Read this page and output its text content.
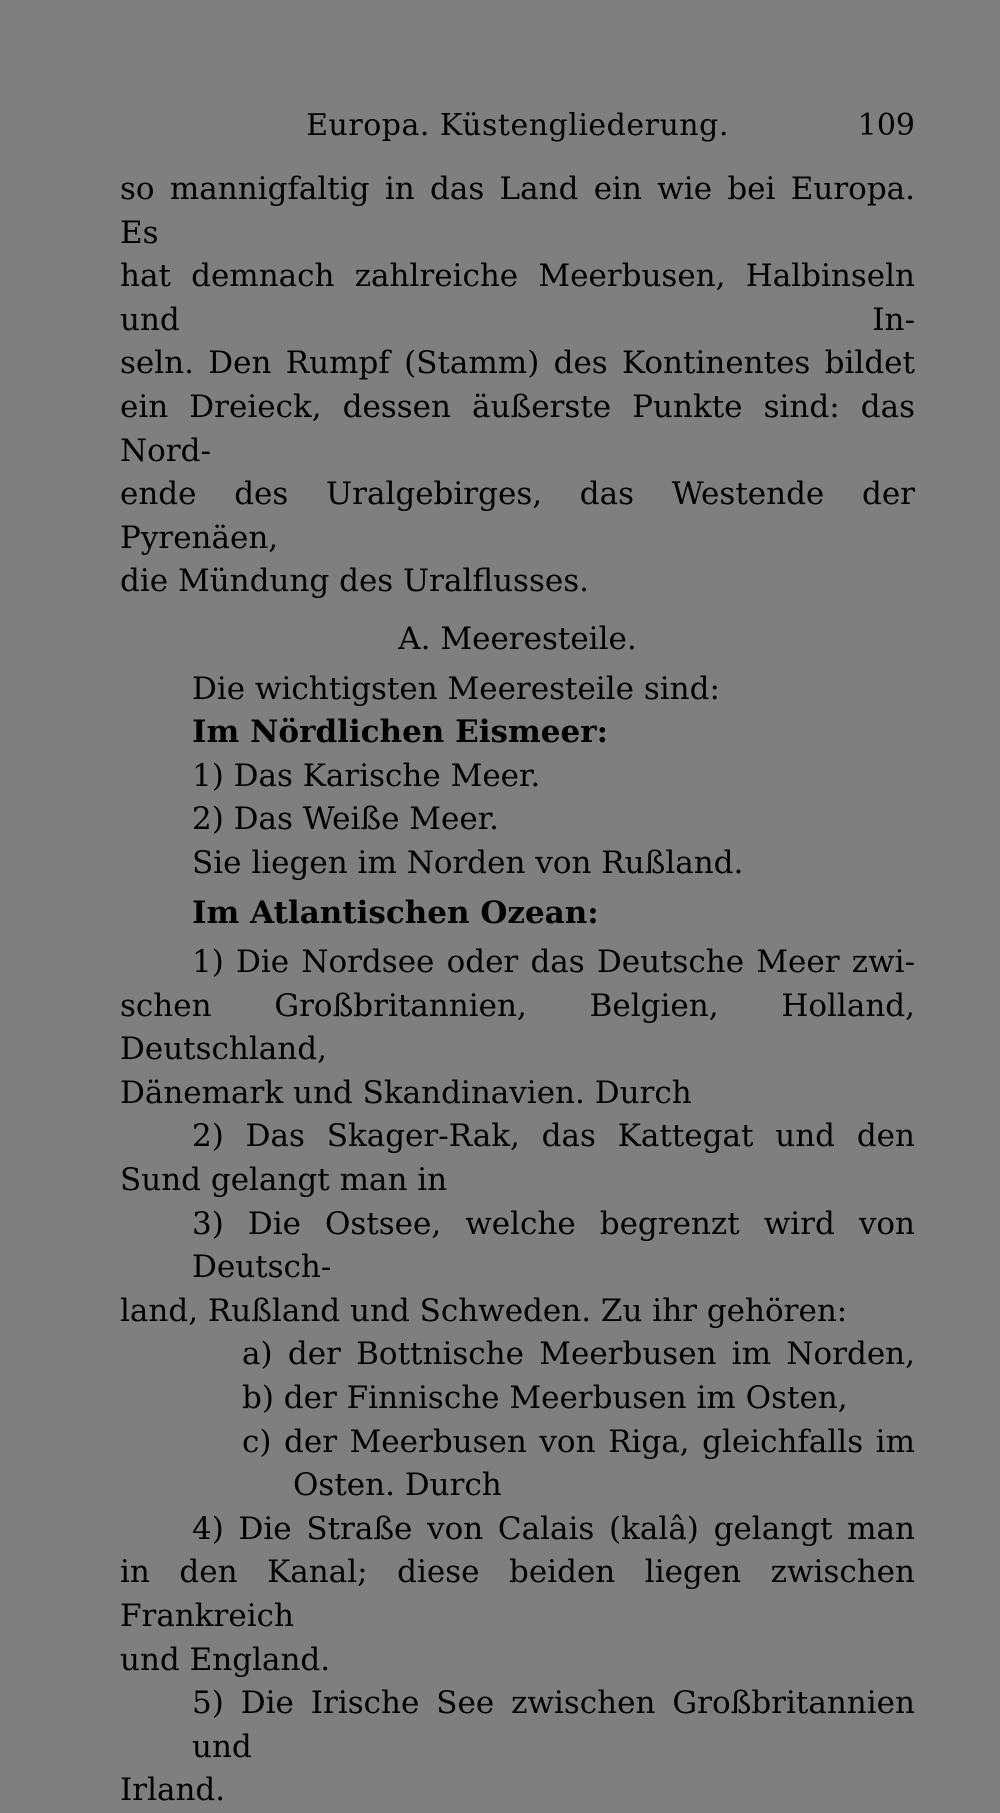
Europa. Küstengliederung.	109

so mannigfaltig in das Land ein wie bei Europa. Es

hat demnach zahlreiche Meerbusen, Halbinseln und In-

seln. Den Rumpf (Stamm) des Kontinentes bildet

ein Dreieck, dessen äußerste Punkte sind: das Nord-

ende des Uralgebirges, das Westende der Pyrenäen,

die Mündung des Uralflusses.

A. Meeresteile.

Die wichtigsten Meeresteile sind:

Im Nördlichen Eismeer:

1) Das Karische Meer.

2) Das Weiße Meer.

Sie liegen im Norden von Rußland.

Im Atlantischen Ozean:

1) Die Nordsee oder das Deutsche Meer zwi-

schen Großbritannien, Belgien, Holland, Deutschland,

Dänemark und Skandinavien. Durch

2) Das Skager-Rak, das Kattegat und den

Sund gelangt man in

3) Die Ostsee, welche begrenzt wird von Deutsch-

land, Rußland und Schweden. Zu ihr gehören:

a) der Bottnische Meerbusen im Norden,

b) der Finnische Meerbusen im Osten,

c) der Meerbusen von Riga, gleichfalls im

Osten. Durch

4) Die Straße von Calais (kalâ) gelangt man

in den Kanal; diese beiden liegen zwischen Frankreich

und England.

5) Die Irische See zwischen Großbritannien und

Irland.
